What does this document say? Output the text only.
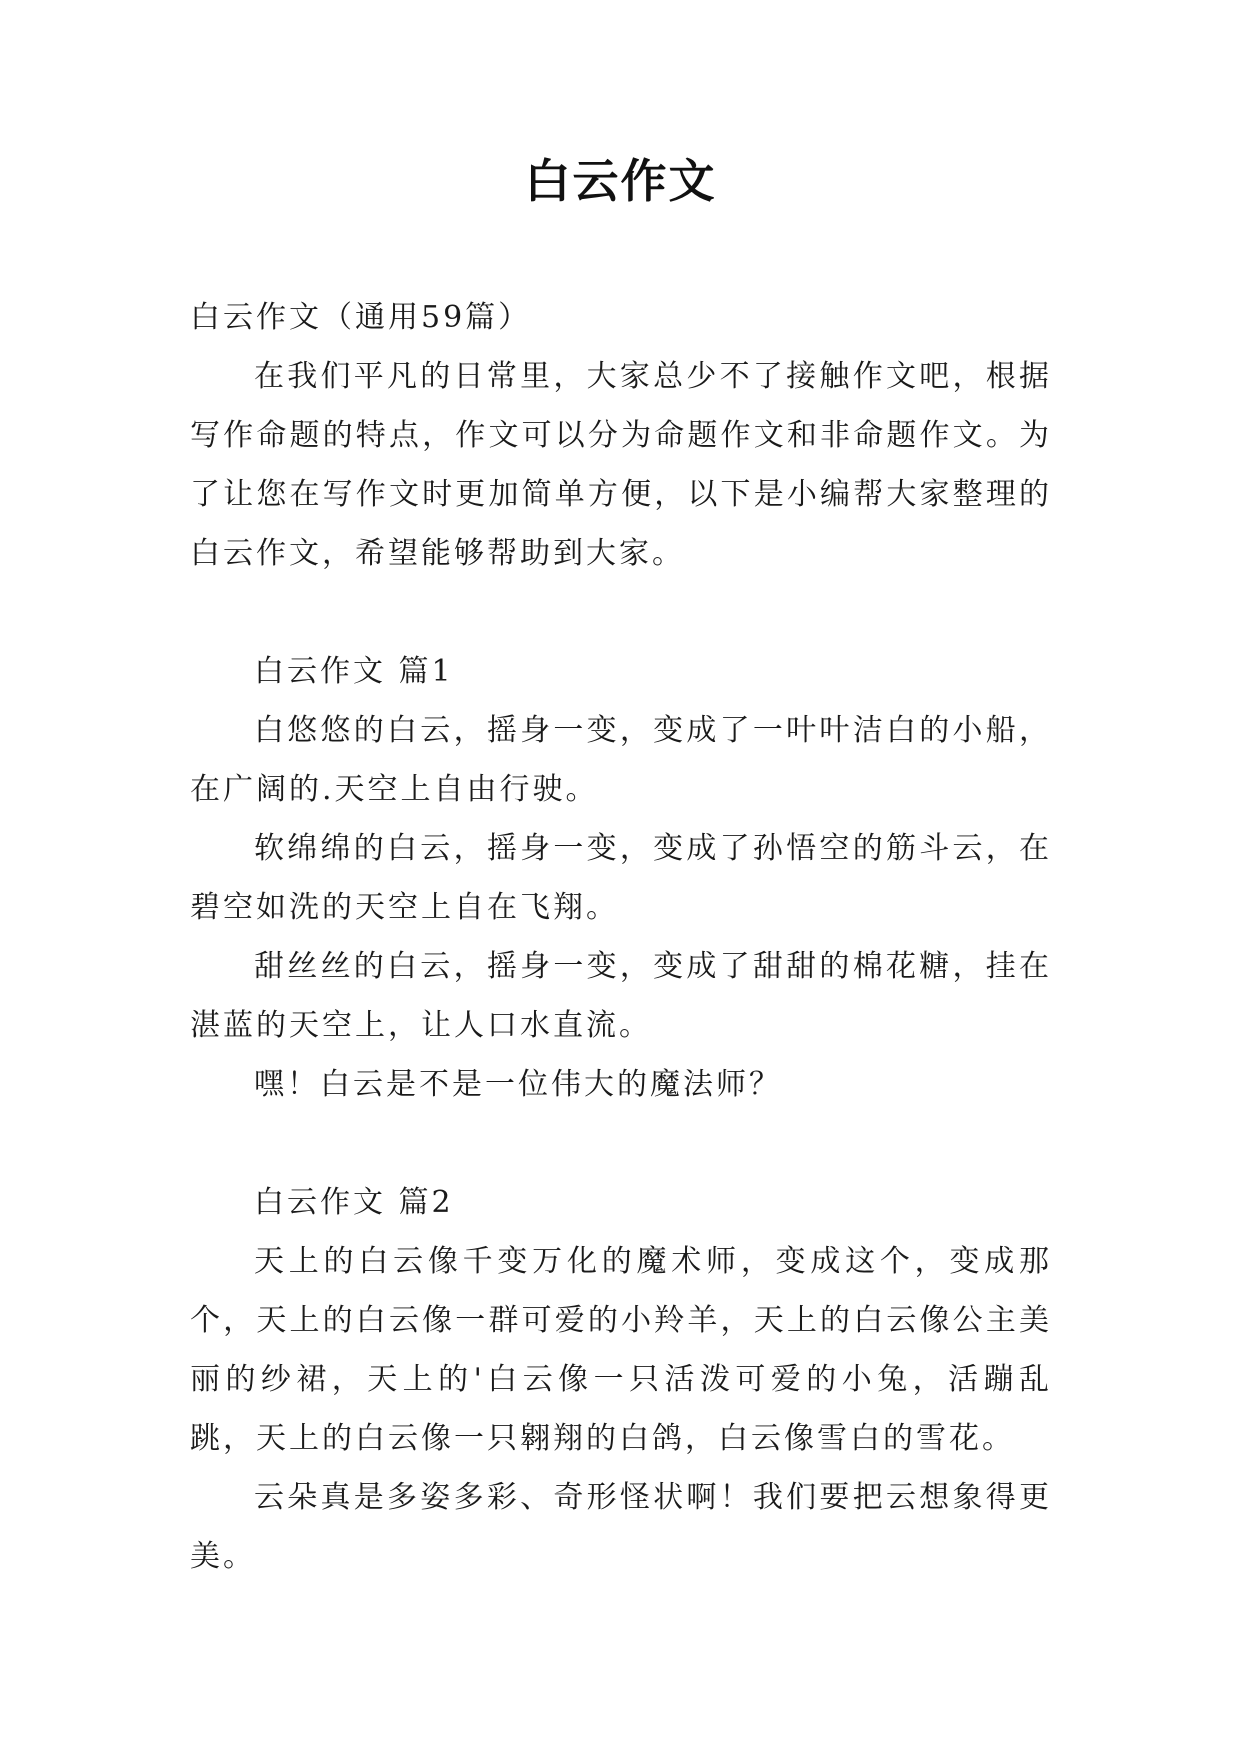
白云作文

白云作文（通用59篇）

在我们平凡的日常里，大家总少不了接触作文吧，根据写作命题的特点，作文可以分为命题作文和非命题作文。为了让您在写作文时更加简单方便，以下是小编帮大家整理的白云作文，希望能够帮助到大家。

白云作文 篇1

白悠悠的白云，摇身一变，变成了一叶叶洁白的小船，在广阔的.天空上自由行驶。

软绵绵的白云，摇身一变，变成了孙悟空的筋斗云，在碧空如洗的天空上自在飞翔。

甜丝丝的白云，摇身一变，变成了甜甜的棉花糖，挂在湛蓝的天空上，让人口水直流。

嘿！白云是不是一位伟大的魔法师？

白云作文 篇2

天上的白云像千变万化的魔术师，变成这个，变成那个，天上的白云像一群可爱的小羚羊，天上的白云像公主美丽的纱裙，天上的'白云像一只活泼可爱的小兔，活蹦乱跳，天上的白云像一只翱翔的白鸽，白云像雪白的雪花。

云朵真是多姿多彩、奇形怪状啊！我们要把云想象得更美。
